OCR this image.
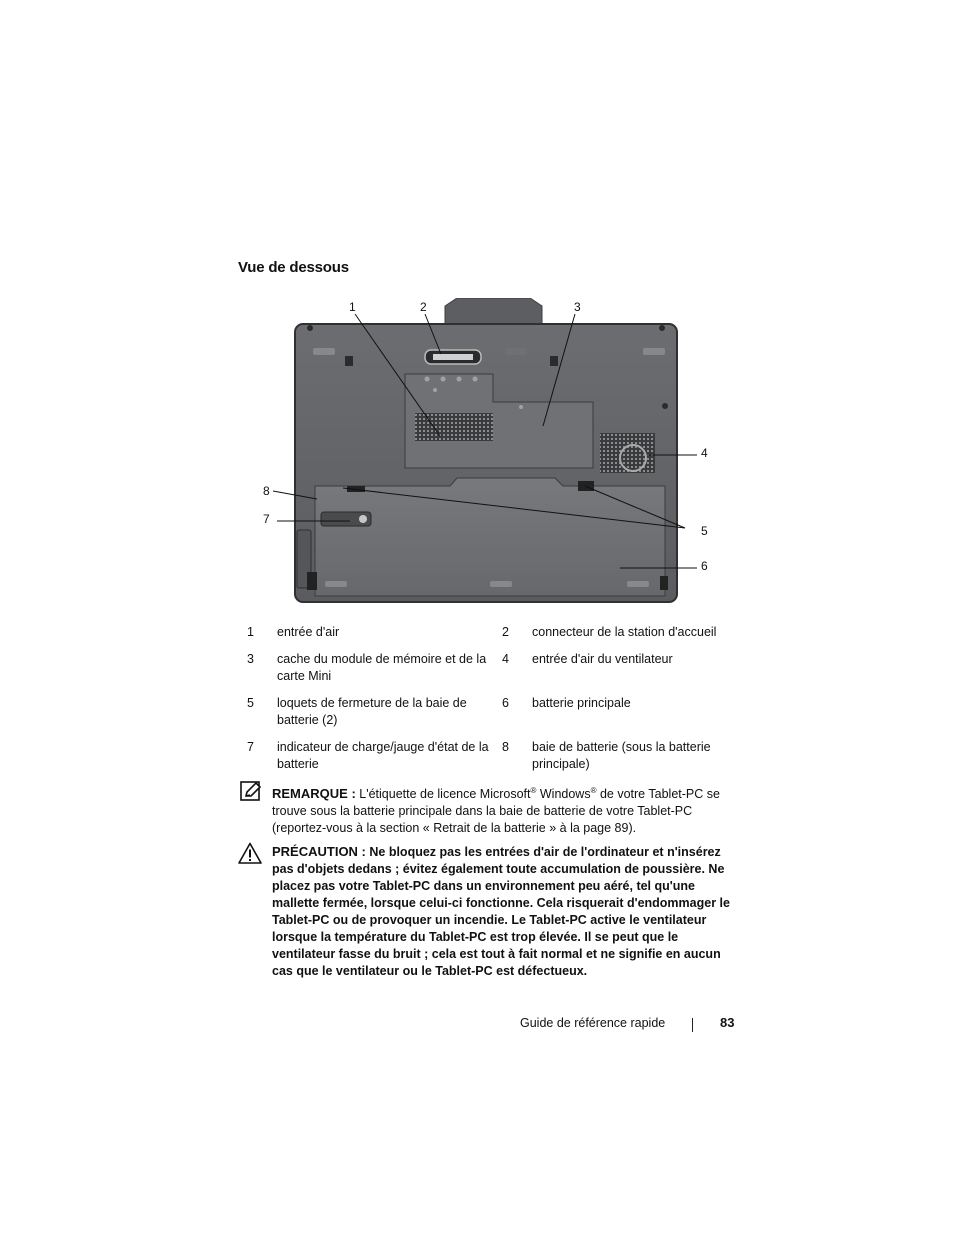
Vue de dessous
1	2	3
4
5
6
7
8
1	entrée d'air	2	connecteur de la station d'accueil
3	cache du module de mémoire et de la carte Mini	4	entrée d'air du ventilateur
5	loquets de fermeture de la baie de batterie (2)	6	batterie principale
7	indicateur de charge/jauge d'état de la batterie	8	baie de batterie (sous la batterie principale)
REMARQUE : L'étiquette de licence Microsoft® Windows® de votre Tablet-PC se trouve sous la batterie principale dans la baie de batterie de votre Tablet-PC (reportez-vous à la section « Retrait de la batterie » à la page 89).
PRÉCAUTION : Ne bloquez pas les entrées d'air de l'ordinateur et n'insérez pas d'objets dedans ; évitez également toute accumulation de poussière. Ne placez pas votre Tablet-PC dans un environnement peu aéré, tel qu'une mallette fermée, lorsque celui-ci fonctionne. Cela risquerait d'endommager le Tablet-PC ou de provoquer un incendie. Le Tablet-PC active le ventilateur lorsque la température du Tablet-PC est trop élevée. Il se peut que le ventilateur fasse du bruit ; cela est tout à fait normal et ne signifie en aucun cas que le ventilateur ou le Tablet-PC est défectueux.
Guide de référence rapide	83
